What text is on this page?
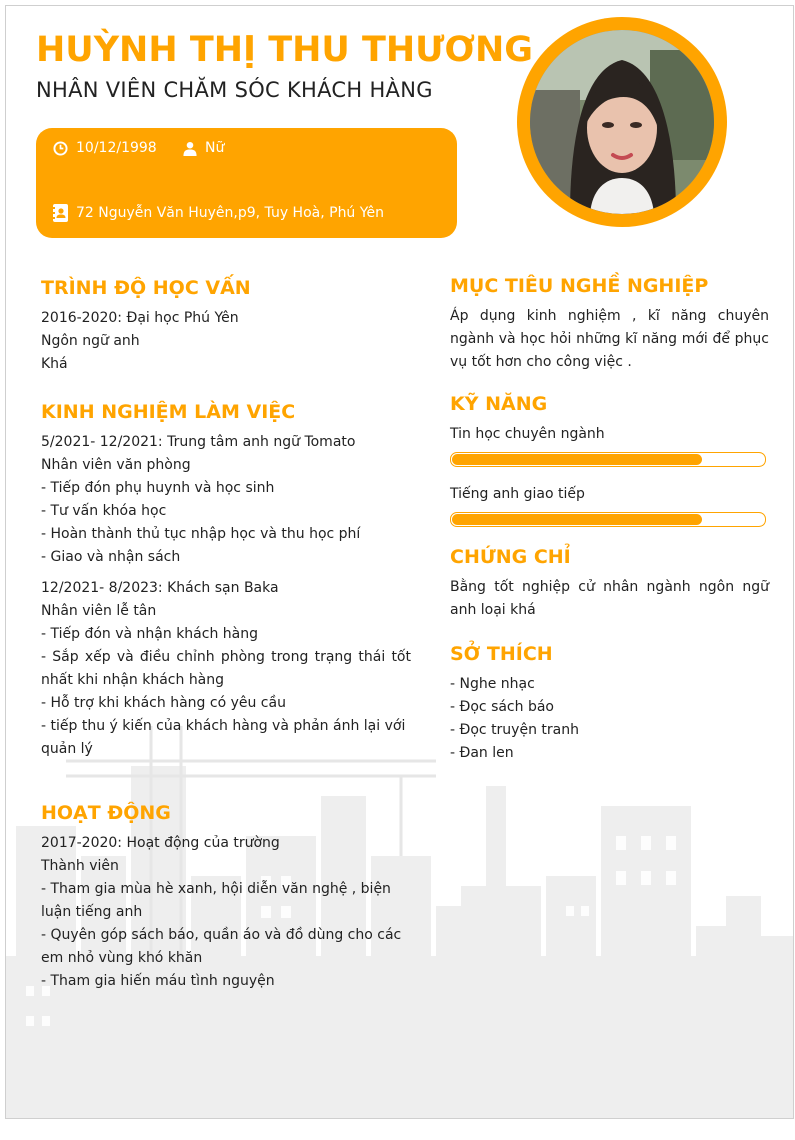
HUỲNH THỊ THU THƯƠNG
NHÂN VIÊN CHĂM SÓC KHÁCH HÀNG
10/12/1998	Nữ
72 Nguyễn Văn Huyên,p9, Tuy Hoà, Phú Yên

TRÌNH ĐỘ HỌC VẤN

2016-2020: Đại học Phú Yên

Ngôn ngữ anh

Khá

KINH NGHIỆM LÀM VIỆC

5/2021- 12/2021: Trung tâm anh ngữ Tomato

Nhân viên văn phòng

- Tiếp đón phụ huynh và học sinh

- Tư vấn khóa học

- Hoàn thành thủ tục nhập học và thu học phí

- Giao và nhận sách

12/2021- 8/2023: Khách sạn Baka

Nhân viên lễ tân

- Tiếp đón và nhận khách hàng

- Sắp xếp và điều chỉnh phòng trong trạng thái tốt nhất khi nhận khách hàng

- Hỗ trợ khi khách hàng có yêu cầu

- tiếp thu ý kiến của khách hàng và phản ánh lại với quản lý

HOẠT ĐỘNG

2017-2020: Hoạt động của trường

Thành viên

- Tham gia mùa hè xanh, hội diễn văn nghệ , biện luận tiếng anh

- Quyên góp sách báo, quần áo và đồ dùng cho các em nhỏ vùng khó khăn

- Tham gia hiến máu tình nguyện

MỤC TIÊU NGHỀ NGHIỆP

Áp dụng kinh nghiệm , kĩ năng chuyên ngành và học hỏi những kĩ năng mới để phục vụ tốt hơn cho công việc .

KỸ NĂNG

Tin học chuyên ngành

Tiếng anh giao tiếp

CHỨNG CHỈ

Bằng tốt nghiệp cử nhân ngành ngôn ngữ anh loại khá

SỞ THÍCH

- Nghe nhạc

- Đọc sách báo

- Đọc truyện tranh

- Đan len
